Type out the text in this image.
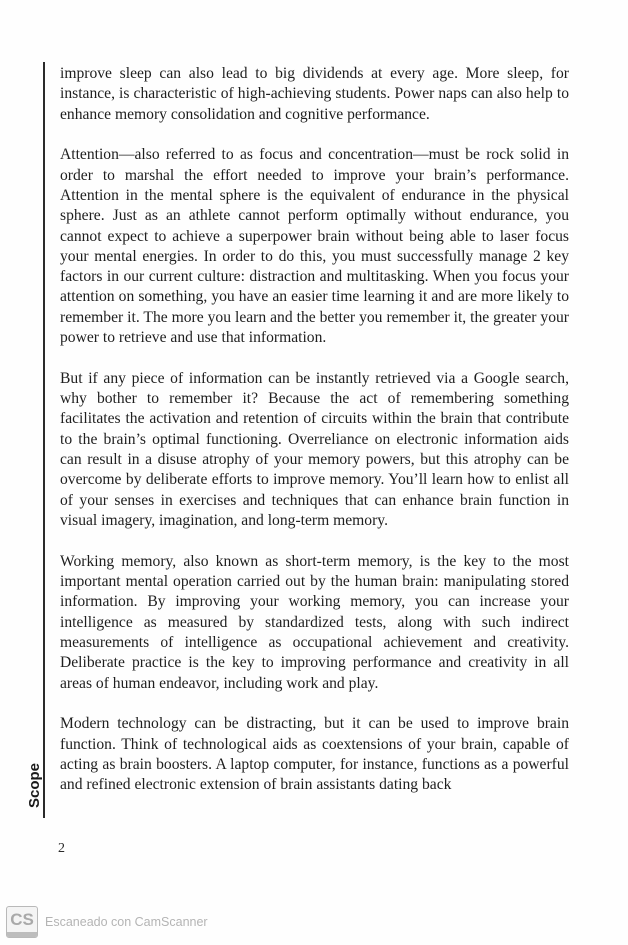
Scope

improve sleep can also lead to big dividends at every age. More sleep, for instance, is characteristic of high-achieving students. Power naps can also help to enhance memory consolidation and cognitive performance.

Attention—also referred to as focus and concentration—must be rock solid in order to marshal the effort needed to improve your brain’s performance. Attention in the mental sphere is the equivalent of endurance in the physical sphere. Just as an athlete cannot perform optimally without endurance, you cannot expect to achieve a superpower brain without being able to laser focus your mental energies. In order to do this, you must successfully manage 2 key factors in our current culture: distraction and multitasking. When you focus your attention on something, you have an easier time learning it and are more likely to remember it. The more you learn and the better you remember it, the greater your power to retrieve and use that information.

But if any piece of information can be instantly retrieved via a Google search, why bother to remember it? Because the act of remembering something facilitates the activation and retention of circuits within the brain that contribute to the brain’s optimal functioning. Overreliance on electronic information aids can result in a disuse atrophy of your memory powers, but this atrophy can be overcome by deliberate efforts to improve memory. You’ll learn how to enlist all of your senses in exercises and techniques that can enhance brain function in visual imagery, imagination, and long-term memory.

Working memory, also known as short-term memory, is the key to the most important mental operation carried out by the human brain: manipulating stored information. By improving your working memory, you can increase your intelligence as measured by standardized tests, along with such indirect measurements of intelligence as occupational achievement and creativity. Deliberate practice is the key to improving performance and creativity in all areas of human endeavor, including work and play.

Modern technology can be distracting, but it can be used to improve brain function. Think of technological aids as coextensions of your brain, capable of acting as brain boosters. A laptop computer, for instance, functions as a powerful and refined electronic extension of brain assistants dating back

2
CS Escaneado con CamScanner
